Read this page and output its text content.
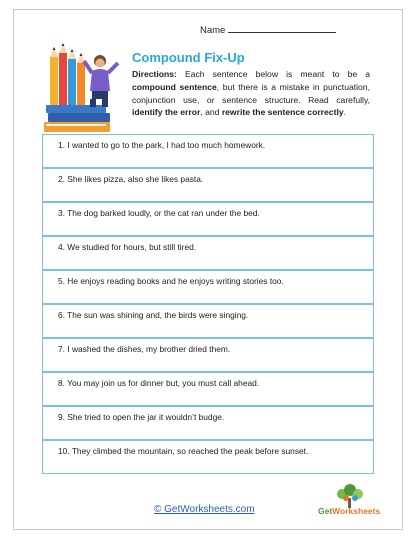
Name
Compound Fix-Up
Directions: Each sentence below is meant to be a compound sentence, but there is a mistake in punctuation, conjunction use, or sentence structure. Read carefully, identify the error, and rewrite the sentence correctly.
1. I wanted to go to the park, I had too much homework.
2. She likes pizza, also she likes pasta.
3. The dog barked loudly, or the cat ran under the bed.
4. We studied for hours, but still tired.
5. He enjoys reading books and he enjoys writing stories too.
6. The sun was shining and, the birds were singing.
7. I washed the dishes, my brother dried them.
8. You may join us for dinner but, you must call ahead.
9. She tried to open the jar it wouldn’t budge.
10. They climbed the mountain, so reached the peak before sunset.
© GetWorksheets.com	GetWorksheets
